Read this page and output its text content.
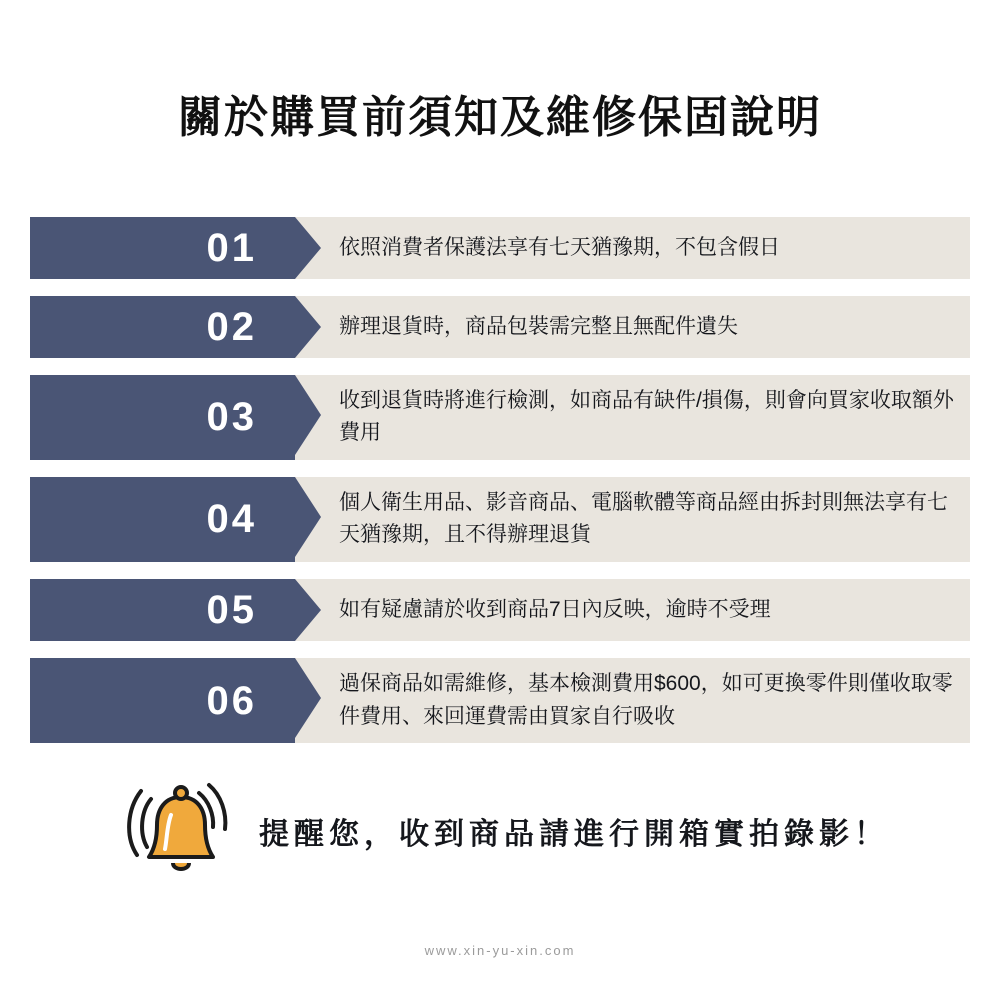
關於購買前須知及維修保固說明
01	依照消費者保護法享有七天猶豫期，不包含假日
02	辦理退貨時，商品包裝需完整且無配件遺失
03	收到退貨時將進行檢測，如商品有缺件/損傷，則會向買家收取額外費用
04	個人衛生用品、影音商品、電腦軟體等商品經由拆封則無法享有七天猶豫期，且不得辦理退貨
05	如有疑慮請於收到商品7日內反映，逾時不受理
06	過保商品如需維修，基本檢測費用$600，如可更換零件則僅收取零件費用、來回運費需由買家自行吸收
提醒您，收到商品請進行開箱實拍錄影！
www.xin-yu-xin.com
